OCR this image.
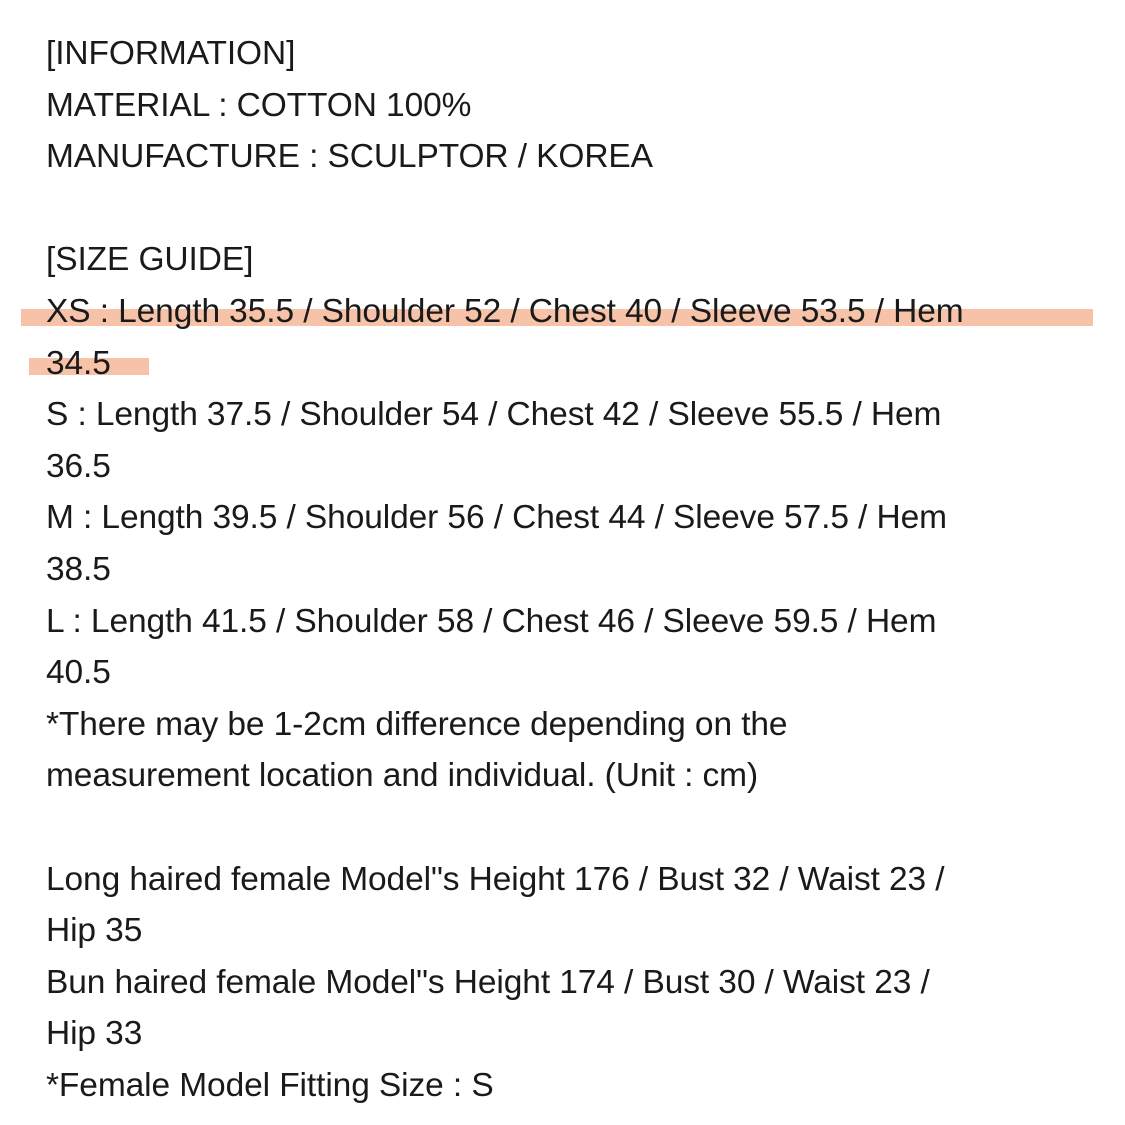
[INFORMATION]
MATERIAL : COTTON 100%
MANUFACTURE : SCULPTOR / KOREA
[SIZE GUIDE]
XS : Length 35.5 / Shoulder 52 / Chest 40 / Sleeve 53.5 / Hem
34.5
S : Length 37.5 / Shoulder 54 / Chest 42 / Sleeve 55.5 / Hem
36.5
M : Length 39.5 / Shoulder 56 / Chest 44 / Sleeve 57.5 / Hem
38.5
L : Length 41.5 / Shoulder 58 / Chest 46 / Sleeve 59.5 / Hem
40.5
*There may be 1-2cm difference depending on the
measurement location and individual. (Unit : cm)
Long haired female Model"s Height 176 / Bust 32 / Waist 23 /
Hip 35
Bun haired female Model"s Height 174 / Bust 30 / Waist 23 /
Hip 33
*Female Model Fitting Size : S
